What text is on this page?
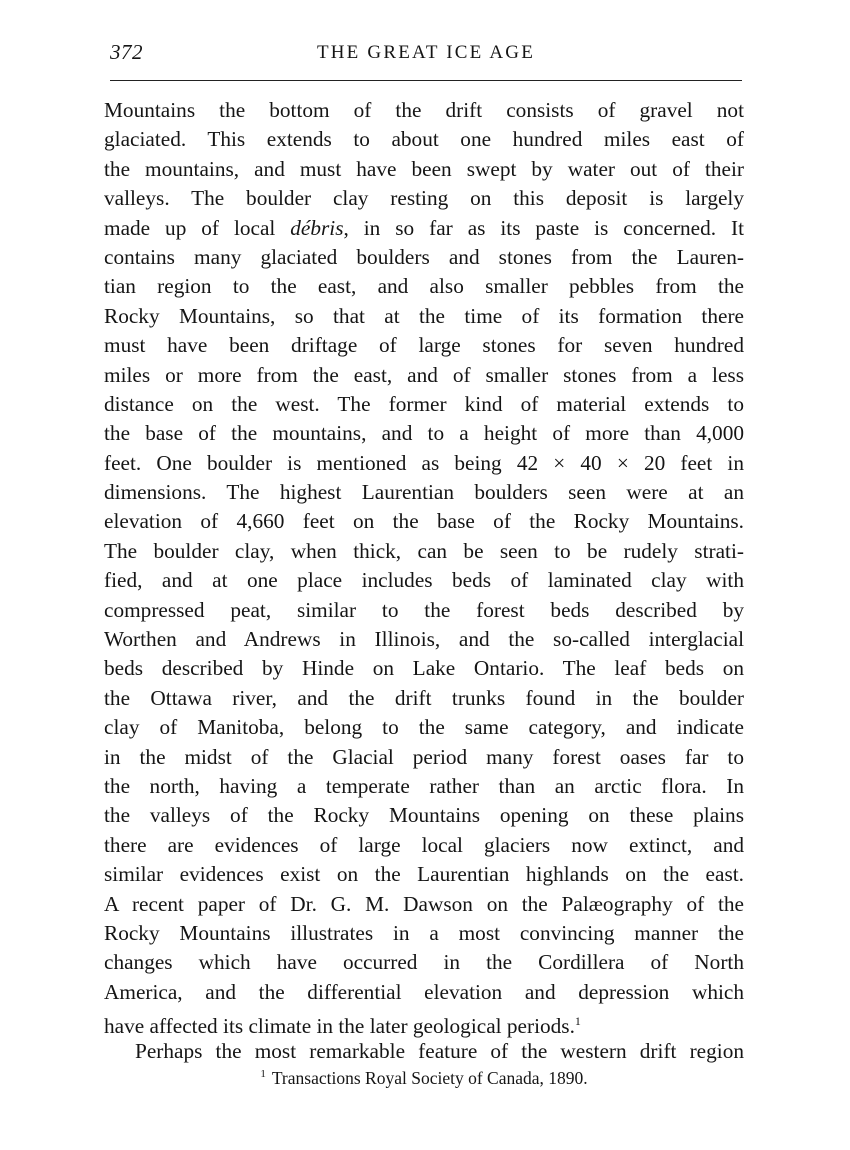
372	THE GREAT ICE AGE
Mountains the bottom of the drift consists of gravel not
glaciated. This extends to about one hundred miles east of
the mountains, and must have been swept by water out of their
valleys. The boulder clay resting on this deposit is largely
made up of local débris, in so far as its paste is concerned. It
contains many glaciated boulders and stones from the Lauren-
tian region to the east, and also smaller pebbles from the
Rocky Mountains, so that at the time of its formation there
must have been driftage of large stones for seven hundred
miles or more from the east, and of smaller stones from a less
distance on the west. The former kind of material extends to
the base of the mountains, and to a height of more than 4,000
feet. One boulder is mentioned as being 42 × 40 × 20 feet in
dimensions. The highest Laurentian boulders seen were at an
elevation of 4,660 feet on the base of the Rocky Mountains.
The boulder clay, when thick, can be seen to be rudely strati-
fied, and at one place includes beds of laminated clay with
compressed peat, similar to the forest beds described by
Worthen and Andrews in Illinois, and the so-called interglacial
beds described by Hinde on Lake Ontario. The leaf beds on
the Ottawa river, and the drift trunks found in the boulder
clay of Manitoba, belong to the same category, and indicate
in the midst of the Glacial period many forest oases far to
the north, having a temperate rather than an arctic flora. In
the valleys of the Rocky Mountains opening on these plains
there are evidences of large local glaciers now extinct, and
similar evidences exist on the Laurentian highlands on the east.
A recent paper of Dr. G. M. Dawson on the Palæography of the
Rocky Mountains illustrates in a most convincing manner the
changes which have occurred in the Cordillera of North
America, and the differential elevation and depression which
have affected its climate in the later geological periods.$^1$
Perhaps the most remarkable feature of the western drift region
$^1$ Transactions Royal Society of Canada, 1890.
